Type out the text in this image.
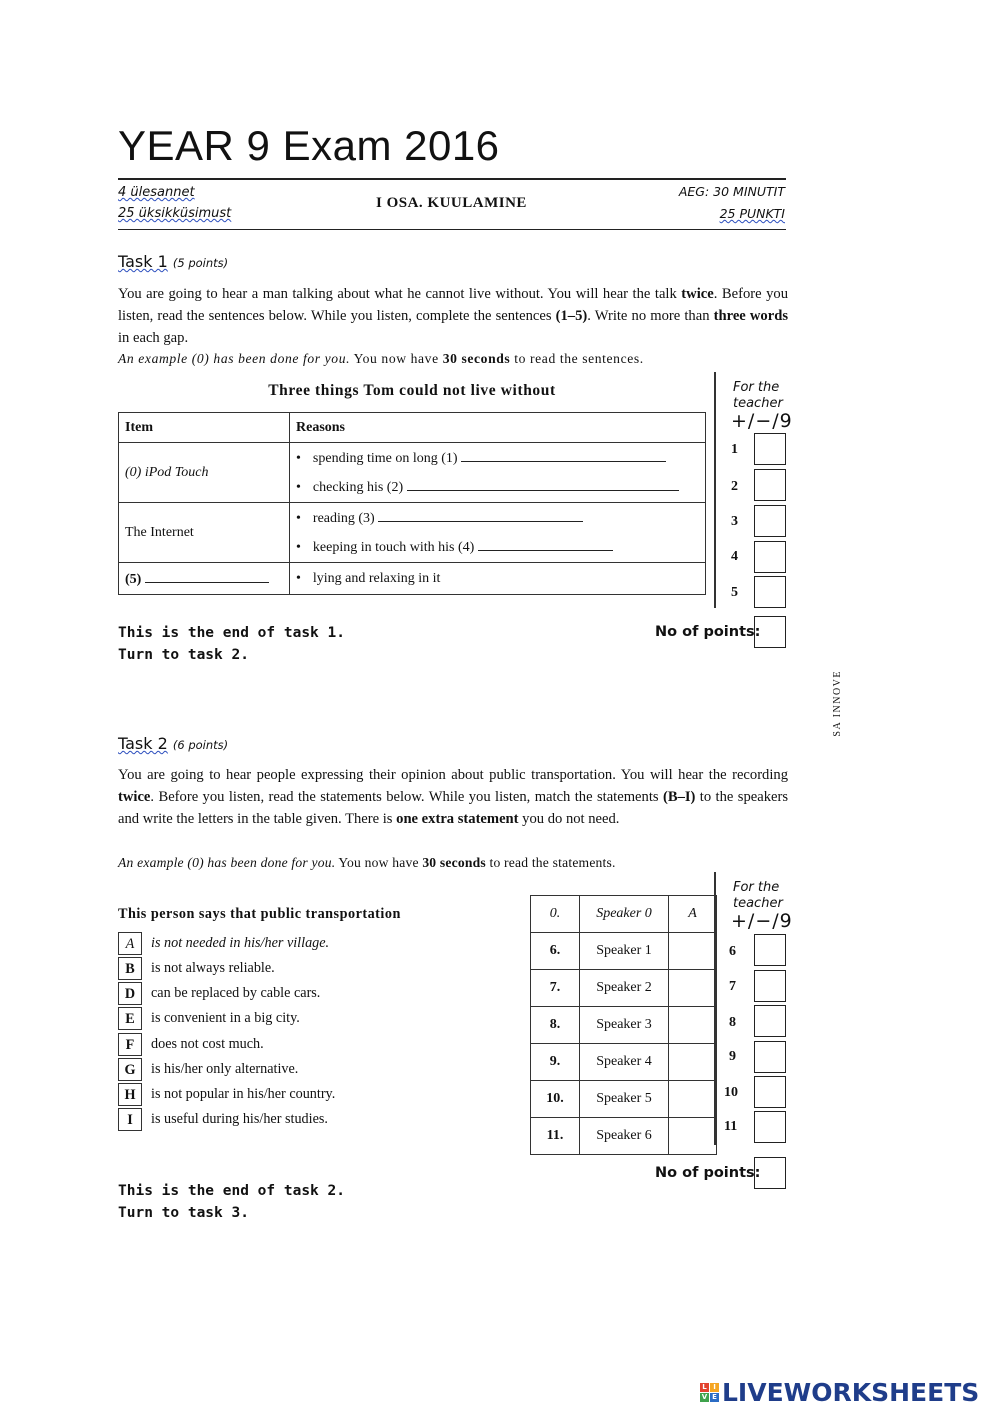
YEAR 9 Exam 2016
4 ülesannet
25 üksikküsimust
I OSA. KUULAMINE
AEG: 30 MINUTIT
25 PUNKTI
Task 1 (5 points)
You are going to hear a man talking about what he cannot live without. You will hear the talk twice. Before you listen, read the sentences below. While you listen, complete the sentences (1–5). Write no more than three words in each gap.
An example (0) has been done for you. You now have 30 seconds to read the sentences.
Three things Tom could not live without
Item	Reasons
(0) iPod Touch	• spending time on long (1)
• checking his (2)

The Internet	• reading (3)
• keeping in touch with his (4)

(5)	• lying and relaxing in it
For the
teacher
+/−/9
1
2
3
4
5
No of points:
This is the end of task 1.
Turn to task 2.
SA INNOVE
Task 2 (6 points)
You are going to hear people expressing their opinion about public transportation. You will hear the recording twice. Before you listen, read the statements below. While you listen, match the statements (B–I) to the speakers and write the letters in the table given. There is one extra statement you do not need.
An example (0) has been done for you. You now have 30 seconds to read the statements.
This person says that public transportation
A	is not needed in his/her village.
B	is not always reliable.
D	can be replaced by cable cars.
E	is convenient in a big city.
F	does not cost much.
G	is his/her only alternative.
H	is not popular in his/her country.
I	is useful during his/her studies.
0.	Speaker 0	A
6.	Speaker 1	
7.	Speaker 2	
8.	Speaker 3	
9.	Speaker 4	
10.	Speaker 5	
11.	Speaker 6	
For the
teacher
+/−/9
6
7
8
9
10
11
No of points:
This is the end of task 2.
Turn to task 3.
L I
V E LIVEWORKSHEETS
